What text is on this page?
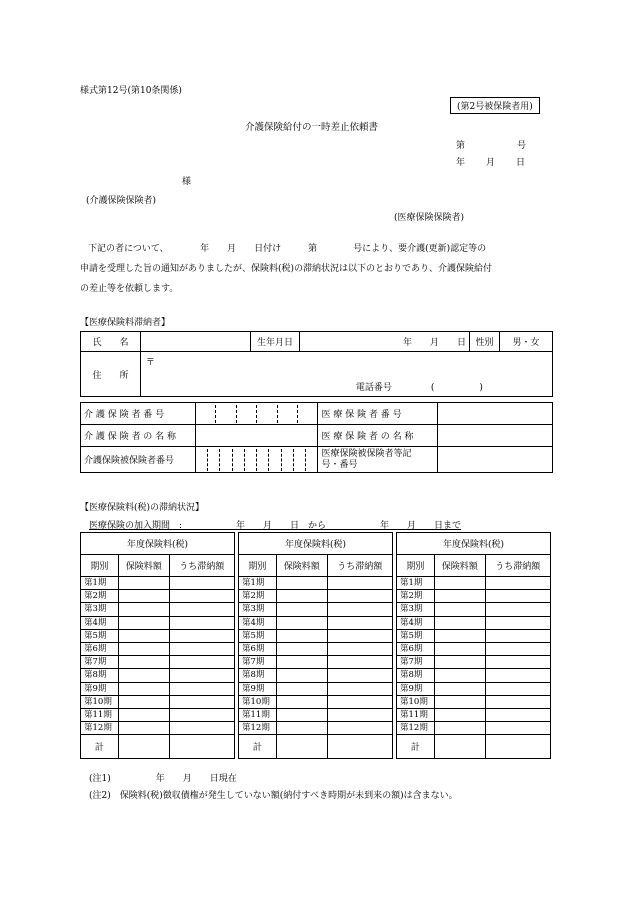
様式第12号(第10条関係)
(第2号被保険者用)
介護保険給付の一時差止依頼書
第	号
年 月 日
様
(介護保険保険者)
(医療保険保険者)
下記の者について、　　　　年　　月　　日付け　　　第　　　　号により、要介護(更新)認定等の
申請を受理した旨の通知がありましたが、保険料(税)の滞納状況は以下のとおりであり、介護保険給付
の差止等を依頼します。
【医療保険料滞納者】
氏　　名		生年月日	年　　月　　日	性別	男・女
住　　所	〒
電話番号 (　　　　　)				
介 護 保 険 者 番 号		医 療 保 険 者 番 号	
介 護 保 険 者 の 名 称		医 療 保 険 者 の 名 称	
介護保険被保険者番号		医療保険被保険者等記
号・番号	

【医療保険料(税)の滞納状況】
医療保険の加入期間　:　　　　　　年　　月　　日　から　　　　　　年　　月　　日まで
年度保険料(税)		
期別	保険料額	うち滞納額
第1期		
第2期		
第3期		
第4期		
第5期		
第6期		
第7期		
第8期		
第9期		
第10期		
第11期		
第12期		
計		
年度保険料(税)		
期別	保険料額	うち滞納額
第1期		
第2期		
第3期		
第4期		
第5期		
第6期		
第7期		
第8期		
第9期		
第10期		
第11期		
第12期		
計		
年度保険料(税)		
期別	保険料額	うち滞納額
第1期		
第2期		
第3期		
第4期		
第5期		
第6期		
第7期		
第8期		
第9期		
第10期		
第11期		
第12期		
計		
(注1)　　　　　年　　月　　日現在
(注2)　保険料(税)徴収債権が発生していない額(納付すべき時期が未到来の額)は含まない。
